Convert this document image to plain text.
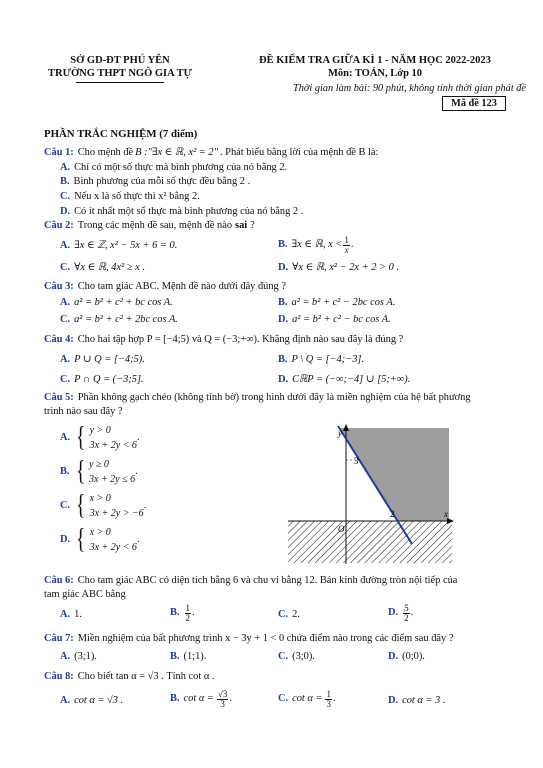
SỞ GD-ĐT PHÚ YÊN
TRƯỜNG THPT NGÔ GIA TỰ
ĐỀ KIỂM TRA GIỮA KÌ 1 - NĂM HỌC 2022-2023
Môn: TOÁN, Lớp 10
Thời gian làm bài: 90 phút, không tính thời gian phát đề
Mã đề 123
PHẦN TRẮC NGHIỆM (7 điểm)
Câu 1: Cho mệnh đề B :"∃x ∈ ℝ, x² = 2" . Phát biểu bằng lời của mệnh đề B là:
A. Chỉ có một số thực mà bình phương của nó bằng 2.
B. Bình phương của mỗi số thực đều bằng 2 .
C. Nếu x là số thực thì x² bằng 2.
D. Có ít nhất một số thực mà bình phương của nó bằng 2 .
Câu 2: Trong các mệnh đề sau, mệnh đề nào sai ?
A. ∃x ∈ ℤ, x² − 5x + 6 = 0.	B. ∃x ∈ ℝ, $x < \frac{1}{x}$ .
C. ∀x ∈ ℝ, 4x² ≥ x .	D. ∀x ∈ ℝ, x² − 2x + 2 > 0 .
Câu 3: Cho tam giác ABC. Mệnh đề nào dưới đây đúng ?
A. a² = b² + c² + bc cos A.	B. a² = b² + c² − 2bc cos A.
C. a² = b² + c² + 2bc cos A.	D. a² = b² + c² − bc cos A.
Câu 4: Cho hai tập hợp P = [−4;5) và Q = (−3;+∞). Khẳng định nào sau đây là đúng ?
A. P ∪ Q = [−4;5).	B. P \ Q = [−4;−3].
C. P ∩ Q = (−3;5].	D. CℝP = (−∞;−4] ∪ [5;+∞).
Câu 5: Phần không gạch chéo (không tính bờ) trong hình dưới đây là miền nghiệm của hệ bất phương
trình nào sau đây ?
A. { y > 0
3x + 2y < 6
.
B. { y ≥ 0
3x + 2y ≤ 6
.
C. { x > 0
3x + 2y > −6
.
D. { x > 0
3x + 2y < 6
.
y
x
O
3
2
Câu 6: Cho tam giác ABC có diện tích bằng 6 và chu vi bằng 12. Bán kính đường tròn nội tiếp của
tam giác ABC bằng
A. 1.	B. $\frac{1}{2}$ .	C. 2.	D. $\frac{5}{2}$ .
Câu 7: Miền nghiệm của bất phương trình x − 3y + 1 < 0 chứa điểm nào trong các điểm sau đây ?
A. (3;1).	B. (1;1).	C. (3;0).	D. (0;0).
Câu 8: Cho biết tan α = √3 . Tính cot α .
A. cot α = √3 .	B. $\cot \alpha = \frac{√3}{3}$ .	C. $\cot \alpha = \frac{1}{3}$ .	D. cot α = 3 .
